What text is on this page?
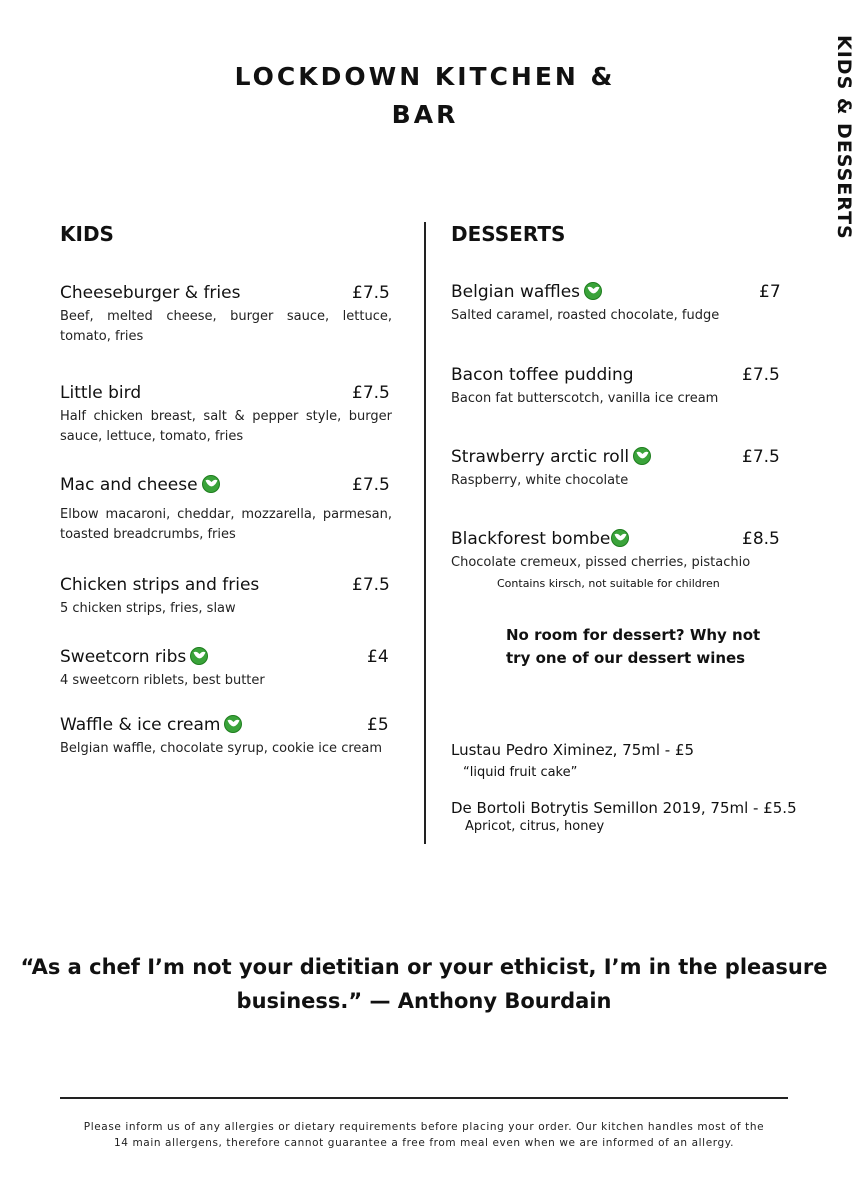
LOCKDOWN KITCHEN &
BAR	KIDS & DESSERTS
KIDS	DESSERTS
Cheeseburger & fries	£7.5
Beef, melted cheese, burger sauce, lettuce, tomato, fries
Little bird	£7.5
Half chicken breast, salt & pepper style, burger sauce, lettuce, tomato, fries
Mac and cheese	£7.5
Elbow macaroni, cheddar, mozzarella, parmesan, toasted breadcrumbs, fries
Chicken strips and fries	£7.5
5 chicken strips, fries, slaw
Sweetcorn ribs	£4
4 sweetcorn riblets, best butter
Waffle & ice cream	£5
Belgian waffle, chocolate syrup, cookie ice cream
Belgian waffles	£7
Salted caramel, roasted chocolate, fudge
Bacon toffee pudding	£7.5
Bacon fat butterscotch, vanilla ice cream
Strawberry arctic roll	£7.5
Raspberry, white chocolate
Blackforest bombe	£8.5
Chocolate cremeux, pissed cherries, pistachio
Contains kirsch, not suitable for children
No room for dessert? Why not try one of our dessert wines
Lustau Pedro Ximinez, 75ml - £5
“liquid fruit cake”
De Bortoli Botrytis Semillon 2019, 75ml - £5.5
Apricot, citrus, honey
“As a chef I’m not your dietitian or your ethicist, I’m in the pleasure business.” — Anthony Bourdain
Please inform us of any allergies or dietary requirements before placing your order. Our kitchen handles most of the 14 main allergens, therefore cannot guarantee a free from meal even when we are informed of an allergy.
